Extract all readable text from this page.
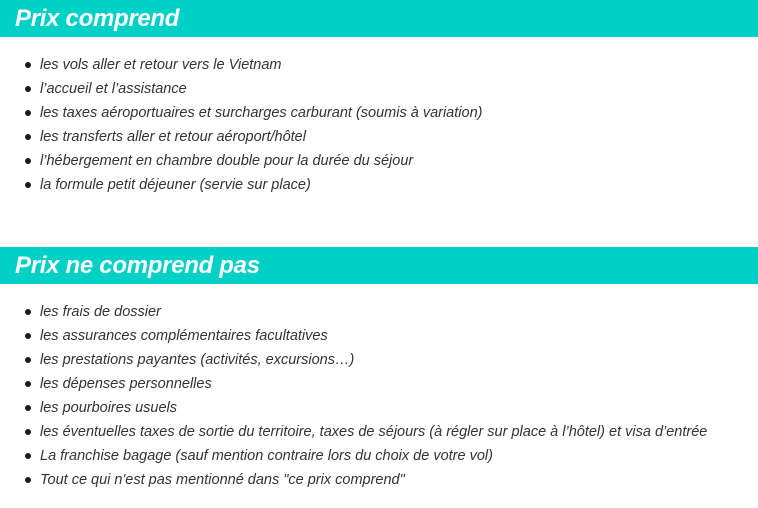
Prix comprend
les vols aller et retour vers le Vietnam
l’accueil et l’assistance
les taxes aéroportuaires et surcharges carburant (soumis à variation)
les transferts aller et retour aéroport/hôtel
l’hébergement en chambre double pour la durée du séjour
la formule petit déjeuner (servie sur place)
Prix ne comprend pas
les frais de dossier
les assurances complémentaires facultatives
les prestations payantes (activités, excursions…)
les dépenses personnelles
les pourboires usuels
les éventuelles taxes de sortie du territoire, taxes de séjours (à régler sur place à l’hôtel) et visa d’entrée
La franchise bagage (sauf mention contraire lors du choix de votre vol)
Tout ce qui n'est pas mentionné dans "ce prix comprend"
